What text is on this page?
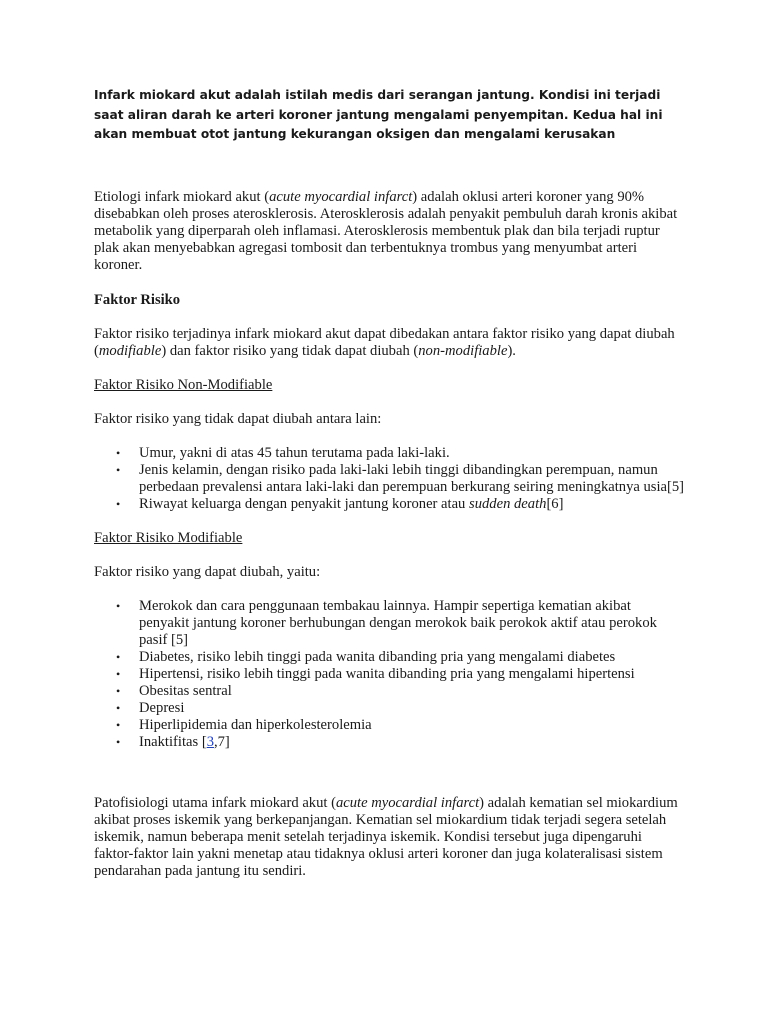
Infark miokard akut adalah istilah medis dari serangan jantung. Kondisi ini terjadi saat aliran darah ke arteri koroner jantung mengalami penyempitan. Kedua hal ini akan membuat otot jantung kekurangan oksigen dan mengalami kerusakan

Etiologi infark miokard akut (acute myocardial infarct) adalah oklusi arteri koroner yang 90% disebabkan oleh proses aterosklerosis. Aterosklerosis adalah penyakit pembuluh darah kronis akibat metabolik yang diperparah oleh inflamasi. Aterosklerosis membentuk plak dan bila terjadi ruptur plak akan menyebabkan agregasi tombosit dan terbentuknya trombus yang menyumbat arteri koroner.

Faktor Risiko

Faktor risiko terjadinya infark miokard akut dapat dibedakan antara faktor risiko yang dapat diubah (modifiable) dan faktor risiko yang tidak dapat diubah (non-modifiable).

Faktor Risiko Non-Modifiable

Faktor risiko yang tidak dapat diubah antara lain:

• Umur, yakni di atas 45 tahun terutama pada laki-laki.
• Jenis kelamin, dengan risiko pada laki-laki lebih tinggi dibandingkan perempuan, namun perbedaan prevalensi antara laki-laki dan perempuan berkurang seiring meningkatnya usia[5]
• Riwayat keluarga dengan penyakit jantung koroner atau sudden death[6]

Faktor Risiko Modifiable

Faktor risiko yang dapat diubah, yaitu:

• Merokok dan cara penggunaan tembakau lainnya. Hampir sepertiga kematian akibat penyakit jantung koroner berhubungan dengan merokok baik perokok aktif atau perokok pasif [5]
• Diabetes, risiko lebih tinggi pada wanita dibanding pria yang mengalami diabetes
• Hipertensi, risiko lebih tinggi pada wanita dibanding pria yang mengalami hipertensi
• Obesitas sentral
• Depresi
• Hiperlipidemia dan hiperkolesterolemia
• Inaktifitas [3,7]

Patofisiologi utama infark miokard akut (acute myocardial infarct) adalah kematian sel miokardium akibat proses iskemik yang berkepanjangan. Kematian sel miokardium tidak terjadi segera setelah iskemik, namun beberapa menit setelah terjadinya iskemik. Kondisi tersebut juga dipengaruhi faktor-faktor lain yakni menetap atau tidaknya oklusi arteri koroner dan juga kolateralisasi sistem pendarahan pada jantung itu sendiri.
